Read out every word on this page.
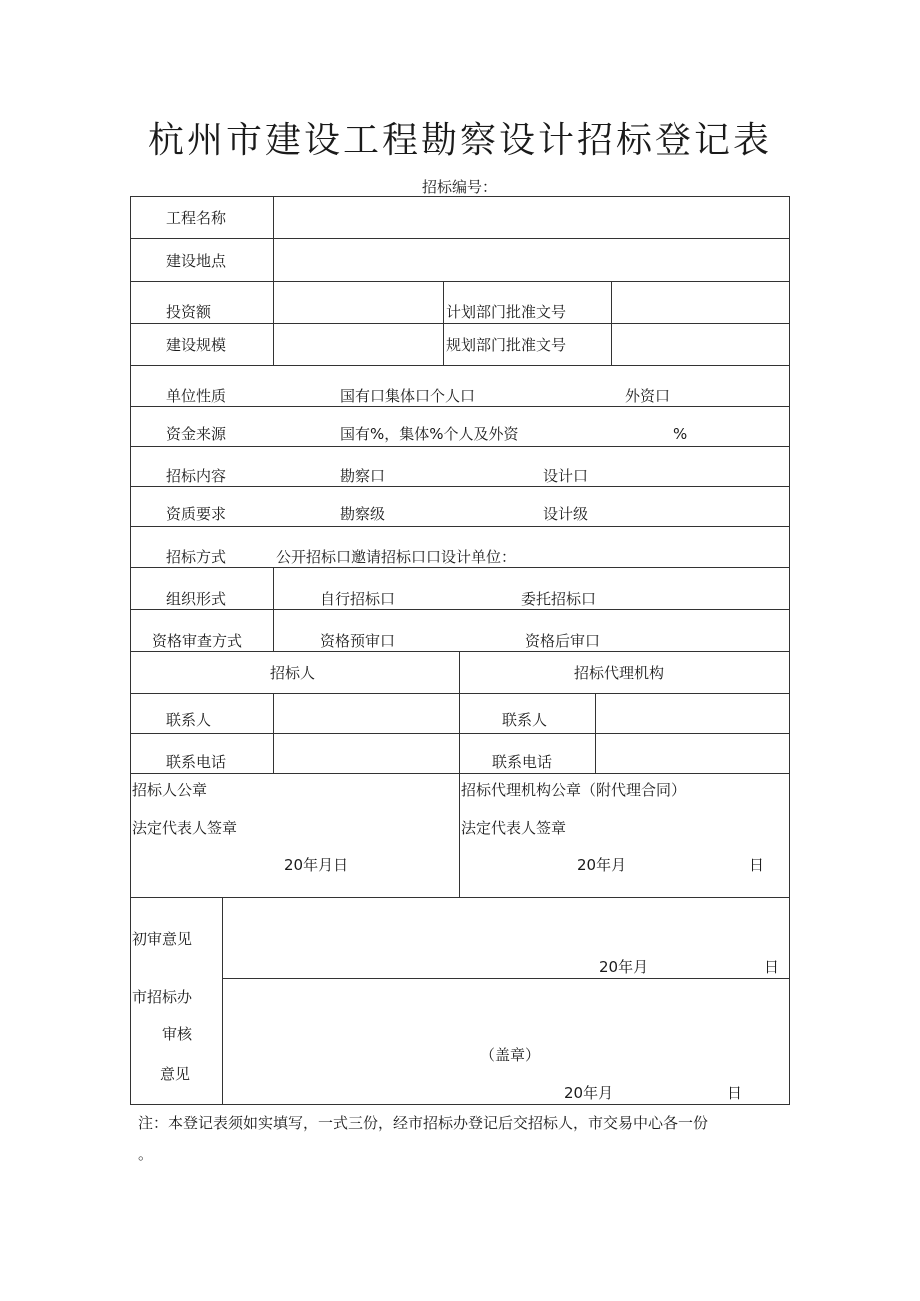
杭州市建设工程勘察设计招标登记表
招标编号：
工程名称
建设地点
投资额	计划部门批准文号
建设规模	规划部门批准文号
单位性质	国有口集体口个人口	外资口
资金来源	国有%，集体%个人及外资	%
招标内容	勘察口	设计口
资质要求	勘察级	设计级
招标方式	公开招标口邀请招标口口设计单位：
组织形式	自行招标口	委托招标口
资格审查方式	资格预审口	资格后审口
招标人	招标代理机构
联系人	联系人
联系电话	联系电话
招标人公章	招标代理机构公章（附代理合同）
法定代表人签章	法定代表人签章
20年月日	20年月	日
初审意见
20年月	日
市招标办
审核
意见
（盖章）
20年月	日
注：本登记表须如实填写，一式三份，经市招标办登记后交招标人，市交易中心各一份
。
